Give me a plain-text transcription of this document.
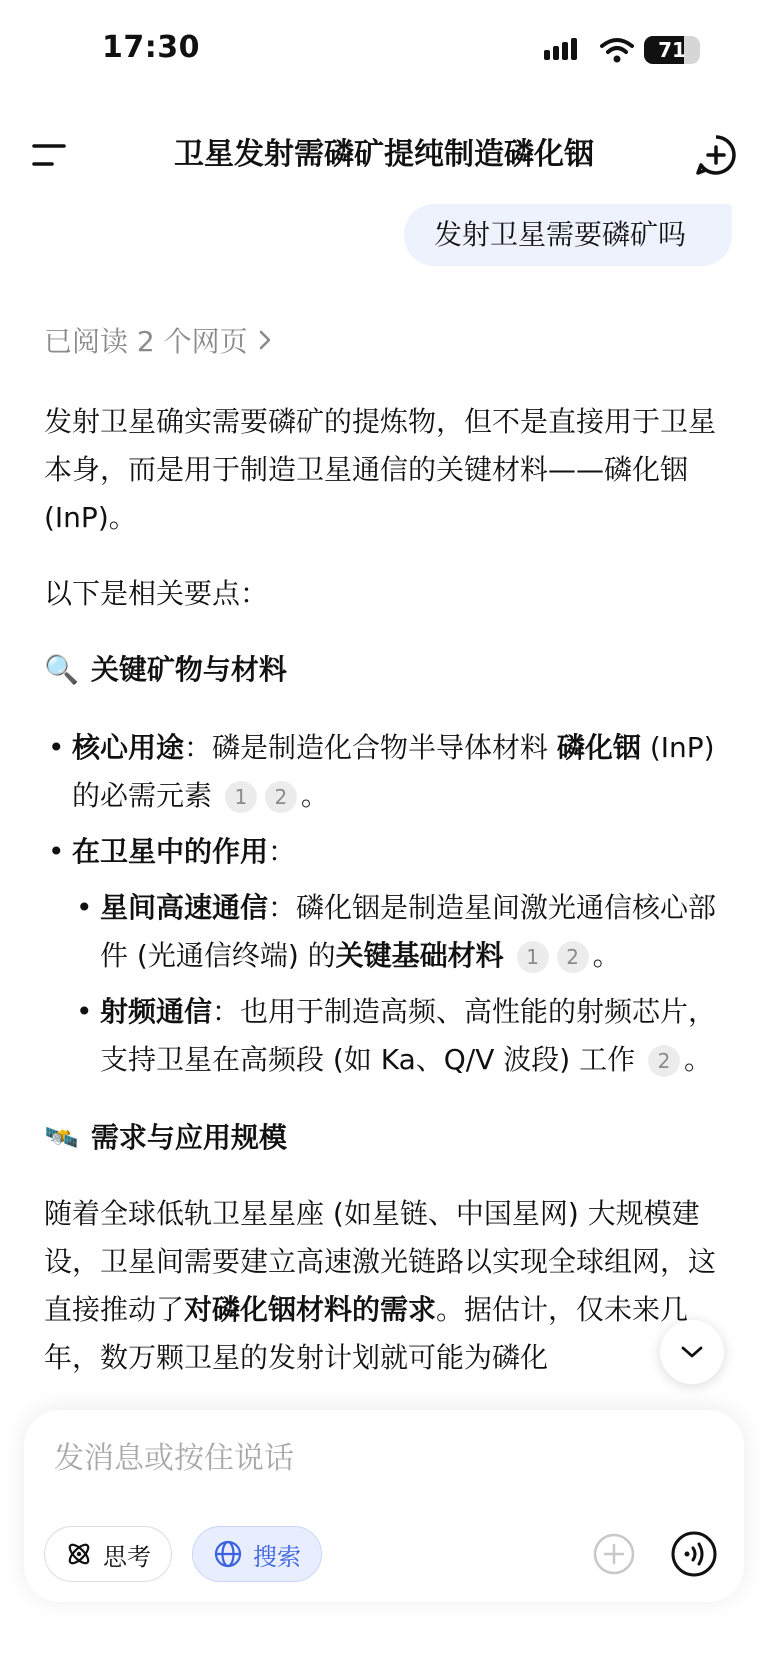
17:30	71
卫星发射需磷矿提纯制造磷化铟
发射卫星需要磷矿吗
已阅读 2 个网页
发射卫星确实需要磷矿的提炼物，但不是直接用于卫星本身，而是用于制造卫星通信的关键材料——磷化铟 (InP)。
以下是相关要点：
🔍 关键矿物与材料
• 核心用途：磷是制造化合物半导体材料 磷化铟 (InP) 的必需元素 1 2 。
• 在卫星中的作用：
• 星间高速通信：磷化铟是制造星间激光通信核心部件 (光通信终端) 的关键基础材料 1 2 。
• 射频通信：也用于制造高频、高性能的射频芯片，支持卫星在高频段 (如 Ka、Q/V 波段) 工作 2 。
🛰️ 需求与应用规模
随着全球低轨卫星星座 (如星链、中国星网) 大规模建设，卫星间需要建立高速激光链路以实现全球组网，这直接推动了对磷化铟材料的需求。据估计，仅未来几年，数万颗卫星的发射计划就可能为磷化
发消息或按住说话
思考	搜索
